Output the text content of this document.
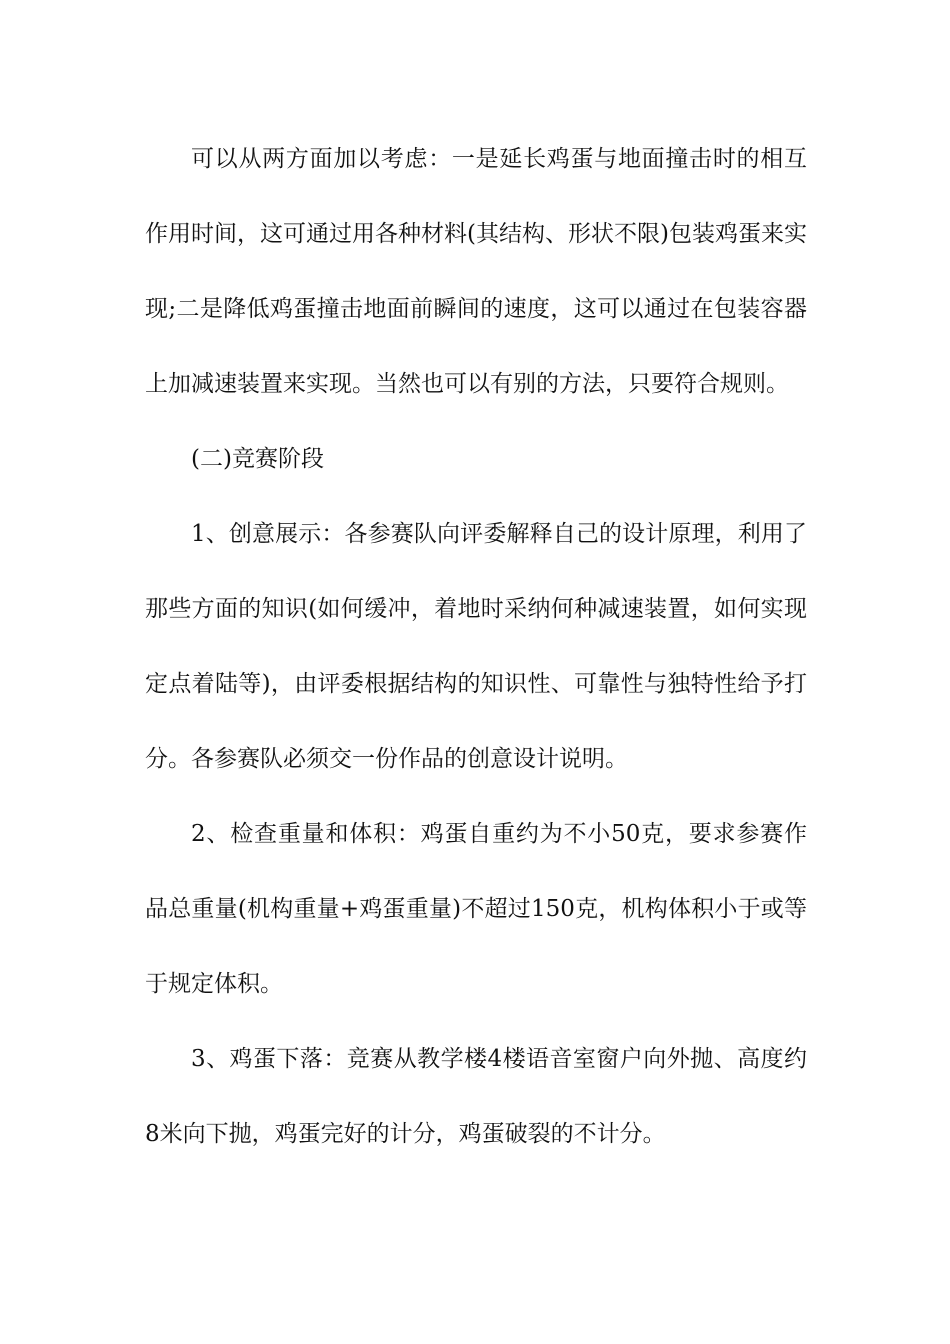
可以从两方面加以考虑：一是延长鸡蛋与地面撞击时的相互作用时间，这可通过用各种材料(其结构、形状不限)包装鸡蛋来实现;二是降低鸡蛋撞击地面前瞬间的速度，这可以通过在包装容器上加减速装置来实现。当然也可以有别的方法，只要符合规则。

(二)竞赛阶段

1、创意展示：各参赛队向评委解释自己的设计原理，利用了那些方面的知识(如何缓冲，着地时采纳何种减速装置，如何实现定点着陆等)，由评委根据结构的知识性、可靠性与独特性给予打分。各参赛队必须交一份作品的创意设计说明。

2、检查重量和体积：鸡蛋自重约为不小50克，要求参赛作品总重量(机构重量+鸡蛋重量)不超过150克，机构体积小于或等于规定体积。

3、鸡蛋下落：竞赛从教学楼4楼语音室窗户向外抛、高度约8米向下抛，鸡蛋完好的计分，鸡蛋破裂的不计分。
